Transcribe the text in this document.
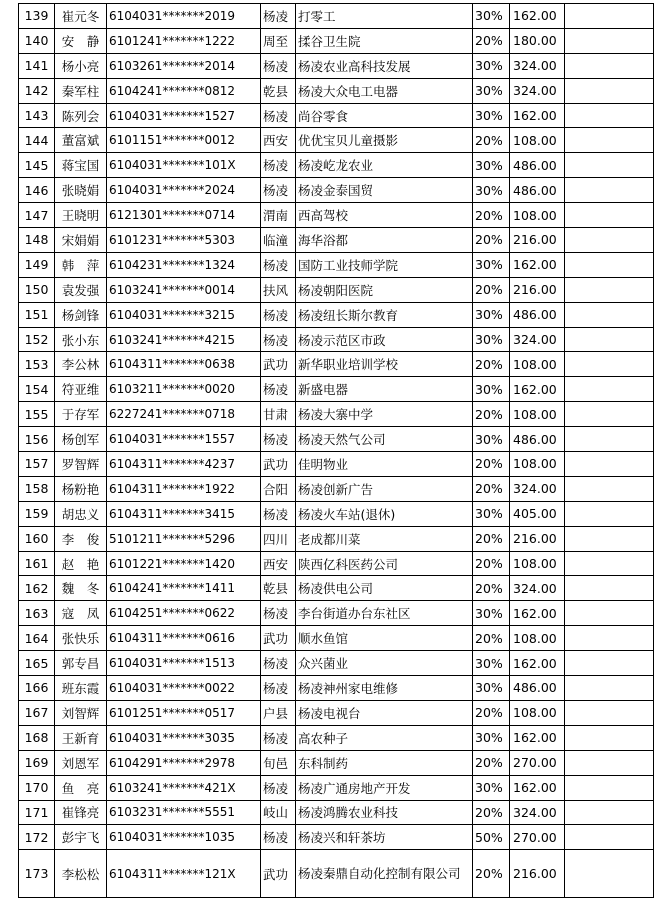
139	崔元冬	6104031*******2019	杨凌	打零工	30%	162.00	
140	安　静	6101241*******1222	周至	揉谷卫生院	20%	180.00	
141	杨小亮	6103261*******2014	杨凌	杨凌农业高科技发展	30%	324.00	
142	秦军柱	6104241*******0812	乾县	杨凌大众电工电器	30%	324.00	
143	陈列会	6104031*******1527	杨凌	尚谷零食	30%	162.00	
144	董富斌	6101151*******0012	西安	优优宝贝儿童摄影	20%	108.00	
145	蒋宝国	6104031*******101X	杨凌	杨凌屹龙农业	30%	486.00	
146	张晓娟	6104031*******2024	杨凌	杨凌金泰国贸	30%	486.00	
147	王晓明	6121301*******0714	渭南	西高驾校	20%	108.00	
148	宋娟娟	6101231*******5303	临潼	海华浴都	20%	216.00	
149	韩　萍	6104231*******1324	杨凌	国防工业技师学院	30%	162.00	
150	袁发强	6103241*******0014	扶风	杨凌朝阳医院	20%	216.00	
151	杨剑锋	6104031*******3215	杨凌	杨凌纽长斯尔教育	30%	486.00	
152	张小东	6103241*******4215	杨凌	杨凌示范区市政	30%	324.00	
153	李公林	6104311*******0638	武功	新华职业培训学校	20%	108.00	
154	符亚维	6103211*******0020	杨凌	新盛电器	30%	162.00	
155	于存军	6227241*******0718	甘肃	杨凌大寨中学	20%	108.00	
156	杨创军	6104031*******1557	杨凌	杨凌天然气公司	30%	486.00	
157	罗智辉	6104311*******4237	武功	佳明物业	20%	108.00	
158	杨粉艳	6104311*******1922	合阳	杨凌创新广告	20%	324.00	
159	胡忠义	6104311*******3415	杨凌	杨凌火车站(退休)	30%	405.00	
160	李　俊	5101211*******5296	四川	老成都川菜	20%	216.00	
161	赵　艳	6101221*******1420	西安	陕西亿科医药公司	20%	108.00	
162	魏　冬	6104241*******1411	乾县	杨凌供电公司	20%	324.00	
163	寇　凤	6104251*******0622	杨凌	李台街道办台东社区	30%	162.00	
164	张快乐	6104311*******0616	武功	顺水鱼馆	20%	108.00	
165	郭专昌	6104031*******1513	杨凌	众兴菌业	30%	162.00	
166	班东霞	6104031*******0022	杨凌	杨凌神州家电维修	30%	486.00	
167	刘智辉	6101251*******0517	户县	杨凌电视台	20%	108.00	
168	王新育	6104031*******3035	杨凌	高农种子	30%	162.00	
169	刘恩军	6104291*******2978	旬邑	东科制药	20%	270.00	
170	鱼　亮	6103241*******421X	杨凌	杨凌广通房地产开发	30%	162.00	
171	崔锋亮	6103231*******5551	岐山	杨凌鸿腾农业科技	20%	324.00	
172	彭宇飞	6104031*******1035	杨凌	杨凌兴和轩茶坊	50%	270.00	
173	李松松	6104311*******121X	武功	杨凌秦鼎自动化控制有限公司	20%	216.00	
